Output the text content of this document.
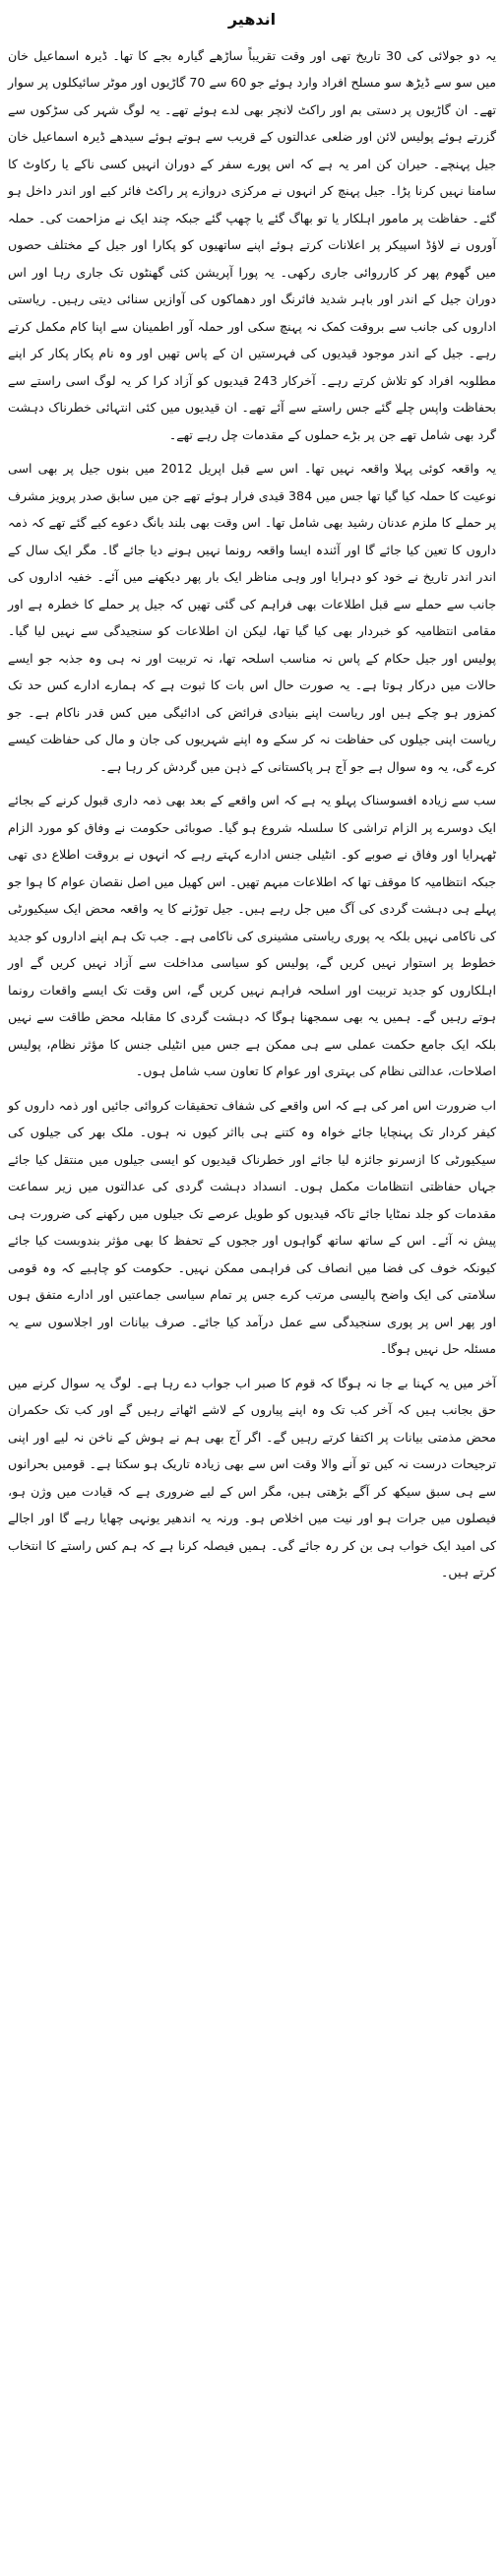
اندھیر

یہ دو جولائی کی 30 تاریخ تھی اور وقت تقریباً ساڑھے گیارہ بجے کا تھا۔ ڈیرہ اسماعیل خان میں سو سے ڈیڑھ سو مسلح افراد وارد ہوئے جو 60 سے 70 گاڑیوں اور موٹر سائیکلوں پر سوار تھے۔ ان گاڑیوں پر دستی بم اور راکٹ لانچر بھی لدے ہوئے تھے۔ یہ لوگ شہر کی سڑکوں سے گزرتے ہوئے پولیس لائن اور ضلعی عدالتوں کے قریب سے ہوتے ہوئے سیدھے ڈیرہ اسماعیل خان جیل پہنچے۔ حیران کن امر یہ ہے کہ اس پورے سفر کے دوران انہیں کسی ناکے یا رکاوٹ کا سامنا نہیں کرنا پڑا۔ جیل پہنچ کر انہوں نے مرکزی دروازے پر راکٹ فائر کیے اور اندر داخل ہو گئے۔ حفاظت پر مامور اہلکار یا تو بھاگ گئے یا چھپ گئے جبکہ چند ایک نے مزاحمت کی۔ حملہ آوروں نے لاؤڈ اسپیکر پر اعلانات کرتے ہوئے اپنے ساتھیوں کو پکارا اور جیل کے مختلف حصوں میں گھوم پھر کر کارروائی جاری رکھی۔ یہ پورا آپریشن کئی گھنٹوں تک جاری رہا اور اس دوران جیل کے اندر اور باہر شدید فائرنگ اور دھماکوں کی آوازیں سنائی دیتی رہیں۔ ریاستی اداروں کی جانب سے بروقت کمک نہ پہنچ سکی اور حملہ آور اطمینان سے اپنا کام مکمل کرتے رہے۔ جیل کے اندر موجود قیدیوں کی فہرستیں ان کے پاس تھیں اور وہ نام پکار پکار کر اپنے مطلوبہ افراد کو تلاش کرتے رہے۔ آخرکار 243 قیدیوں کو آزاد کرا کر یہ لوگ اسی راستے سے بحفاظت واپس چلے گئے جس راستے سے آئے تھے۔ ان قیدیوں میں کئی انتہائی خطرناک دہشت گرد بھی شامل تھے جن پر بڑے حملوں کے مقدمات چل رہے تھے۔

یہ واقعہ کوئی پہلا واقعہ نہیں تھا۔ اس سے قبل اپریل 2012 میں بنوں جیل پر بھی اسی نوعیت کا حملہ کیا گیا تھا جس میں 384 قیدی فرار ہوئے تھے جن میں سابق صدر پرویز مشرف پر حملے کا ملزم عدنان رشید بھی شامل تھا۔ اس وقت بھی بلند بانگ دعوے کیے گئے تھے کہ ذمہ داروں کا تعین کیا جائے گا اور آئندہ ایسا واقعہ رونما نہیں ہونے دیا جائے گا۔ مگر ایک سال کے اندر اندر تاریخ نے خود کو دہرایا اور وہی مناظر ایک بار پھر دیکھنے میں آئے۔ خفیہ اداروں کی جانب سے حملے سے قبل اطلاعات بھی فراہم کی گئی تھیں کہ جیل پر حملے کا خطرہ ہے اور مقامی انتظامیہ کو خبردار بھی کیا گیا تھا، لیکن ان اطلاعات کو سنجیدگی سے نہیں لیا گیا۔ پولیس اور جیل حکام کے پاس نہ مناسب اسلحہ تھا، نہ تربیت اور نہ ہی وہ جذبہ جو ایسے حالات میں درکار ہوتا ہے۔ یہ صورت حال اس بات کا ثبوت ہے کہ ہمارے ادارے کس حد تک کمزور ہو چکے ہیں اور ریاست اپنے بنیادی فرائض کی ادائیگی میں کس قدر ناکام ہے۔ جو ریاست اپنی جیلوں کی حفاظت نہ کر سکے وہ اپنے شہریوں کی جان و مال کی حفاظت کیسے کرے گی، یہ وہ سوال ہے جو آج ہر پاکستانی کے ذہن میں گردش کر رہا ہے۔

سب سے زیادہ افسوسناک پہلو یہ ہے کہ اس واقعے کے بعد بھی ذمہ داری قبول کرنے کے بجائے ایک دوسرے پر الزام تراشی کا سلسلہ شروع ہو گیا۔ صوبائی حکومت نے وفاق کو مورد الزام ٹھہرایا اور وفاق نے صوبے کو۔ انٹیلی جنس ادارے کہتے رہے کہ انہوں نے بروقت اطلاع دی تھی جبکہ انتظامیہ کا موقف تھا کہ اطلاعات مبہم تھیں۔ اس کھیل میں اصل نقصان عوام کا ہوا جو پہلے ہی دہشت گردی کی آگ میں جل رہے ہیں۔ جیل توڑنے کا یہ واقعہ محض ایک سیکیورٹی کی ناکامی نہیں بلکہ یہ پوری ریاستی مشینری کی ناکامی ہے۔ جب تک ہم اپنے اداروں کو جدید خطوط پر استوار نہیں کریں گے، پولیس کو سیاسی مداخلت سے آزاد نہیں کریں گے اور اہلکاروں کو جدید تربیت اور اسلحہ فراہم نہیں کریں گے، اس وقت تک ایسے واقعات رونما ہوتے رہیں گے۔ ہمیں یہ بھی سمجھنا ہوگا کہ دہشت گردی کا مقابلہ محض طاقت سے نہیں بلکہ ایک جامع حکمت عملی سے ہی ممکن ہے جس میں انٹیلی جنس کا مؤثر نظام، پولیس اصلاحات، عدالتی نظام کی بہتری اور عوام کا تعاون سب شامل ہوں۔

اب ضرورت اس امر کی ہے کہ اس واقعے کی شفاف تحقیقات کروائی جائیں اور ذمہ داروں کو کیفر کردار تک پہنچایا جائے خواہ وہ کتنے ہی بااثر کیوں نہ ہوں۔ ملک بھر کی جیلوں کی سیکیورٹی کا ازسرنو جائزہ لیا جائے اور خطرناک قیدیوں کو ایسی جیلوں میں منتقل کیا جائے جہاں حفاظتی انتظامات مکمل ہوں۔ انسداد دہشت گردی کی عدالتوں میں زیر سماعت مقدمات کو جلد نمٹایا جائے تاکہ قیدیوں کو طویل عرصے تک جیلوں میں رکھنے کی ضرورت ہی پیش نہ آئے۔ اس کے ساتھ ساتھ گواہوں اور ججوں کے تحفظ کا بھی مؤثر بندوبست کیا جائے کیونکہ خوف کی فضا میں انصاف کی فراہمی ممکن نہیں۔ حکومت کو چاہیے کہ وہ قومی سلامتی کی ایک واضح پالیسی مرتب کرے جس پر تمام سیاسی جماعتیں اور ادارے متفق ہوں اور پھر اس پر پوری سنجیدگی سے عمل درآمد کیا جائے۔ صرف بیانات اور اجلاسوں سے یہ مسئلہ حل نہیں ہوگا۔

آخر میں یہ کہنا بے جا نہ ہوگا کہ قوم کا صبر اب جواب دے رہا ہے۔ لوگ یہ سوال کرنے میں حق بجانب ہیں کہ آخر کب تک وہ اپنے پیاروں کے لاشے اٹھاتے رہیں گے اور کب تک حکمران محض مذمتی بیانات پر اکتفا کرتے رہیں گے۔ اگر آج بھی ہم نے ہوش کے ناخن نہ لیے اور اپنی ترجیحات درست نہ کیں تو آنے والا وقت اس سے بھی زیادہ تاریک ہو سکتا ہے۔ قومیں بحرانوں سے ہی سبق سیکھ کر آگے بڑھتی ہیں، مگر اس کے لیے ضروری ہے کہ قیادت میں وژن ہو، فیصلوں میں جرات ہو اور نیت میں اخلاص ہو۔ ورنہ یہ اندھیر یونہی چھایا رہے گا اور اجالے کی امید ایک خواب ہی بن کر رہ جائے گی۔ ہمیں فیصلہ کرنا ہے کہ ہم کس راستے کا انتخاب کرتے ہیں۔
